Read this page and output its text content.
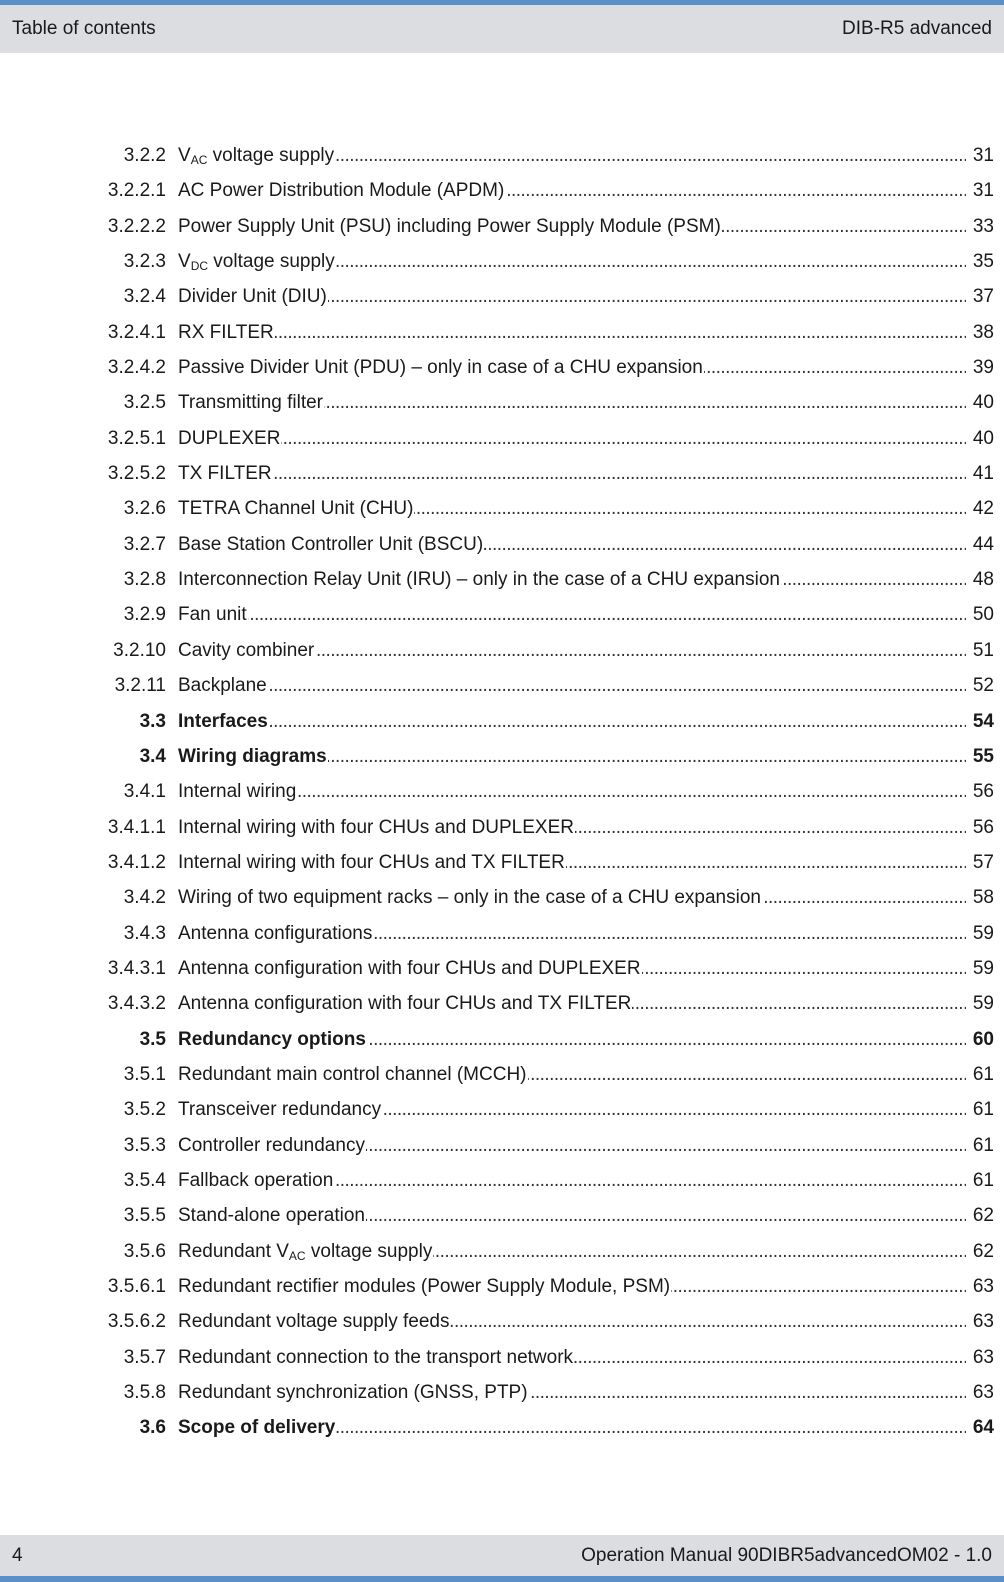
Table of contents	DIB-R5 advanced
3.2.2 $V_{AC}$ voltage supply . . .	31
3.2.2.1 AC Power Distribution Module (APDM) . . .	31
3.2.2.2 Power Supply Unit (PSU) including Power Supply Module (PSM) . . .	33
3.2.3 $V_{DC}$ voltage supply . . .	35
3.2.4 Divider Unit (DIU) . . .	37
3.2.4.1 RX FILTER . . .	38
3.2.4.2 Passive Divider Unit (PDU) – only in case of a CHU expansion . . .	39
3.2.5 Transmitting filter . . .	40
3.2.5.1 DUPLEXER . . .	40
3.2.5.2 TX FILTER . . .	41
3.2.6 TETRA Channel Unit (CHU) . . .	42
3.2.7 Base Station Controller Unit (BSCU) . . .	44
3.2.8 Interconnection Relay Unit (IRU) – only in the case of a CHU expansion . . .	48
3.2.9 Fan unit . . .	50
3.2.10 Cavity combiner . . .	51
3.2.11 Backplane . . .	52
3.3 Interfaces . . .	54
3.4 Wiring diagrams . . .	55
3.4.1 Internal wiring . . .	56
3.4.1.1 Internal wiring with four CHUs and DUPLEXER . . .	56
3.4.1.2 Internal wiring with four CHUs and TX FILTER . . .	57
3.4.2 Wiring of two equipment racks – only in the case of a CHU expansion . . .	58
3.4.3 Antenna configurations . . .	59
3.4.3.1 Antenna configuration with four CHUs and DUPLEXER . . .	59
3.4.3.2 Antenna configuration with four CHUs and TX FILTER . . .	59
3.5 Redundancy options . . .	60
3.5.1 Redundant main control channel (MCCH) . . .	61
3.5.2 Transceiver redundancy . . .	61
3.5.3 Controller redundancy . . .	61
3.5.4 Fallback operation . . .	61
3.5.5 Stand-alone operation . . .	62
3.5.6 Redundant $V_{AC}$ voltage supply . . .	62
3.5.6.1 Redundant rectifier modules (Power Supply Module, PSM) . . .	63
3.5.6.2 Redundant voltage supply feeds . . .	63
3.5.7 Redundant connection to the transport network . . .	63
3.5.8 Redundant synchronization (GNSS, PTP) . . .	63
3.6 Scope of delivery . . .	64
4	Operation Manual 90DIBR5advancedOM02 - 1.0
